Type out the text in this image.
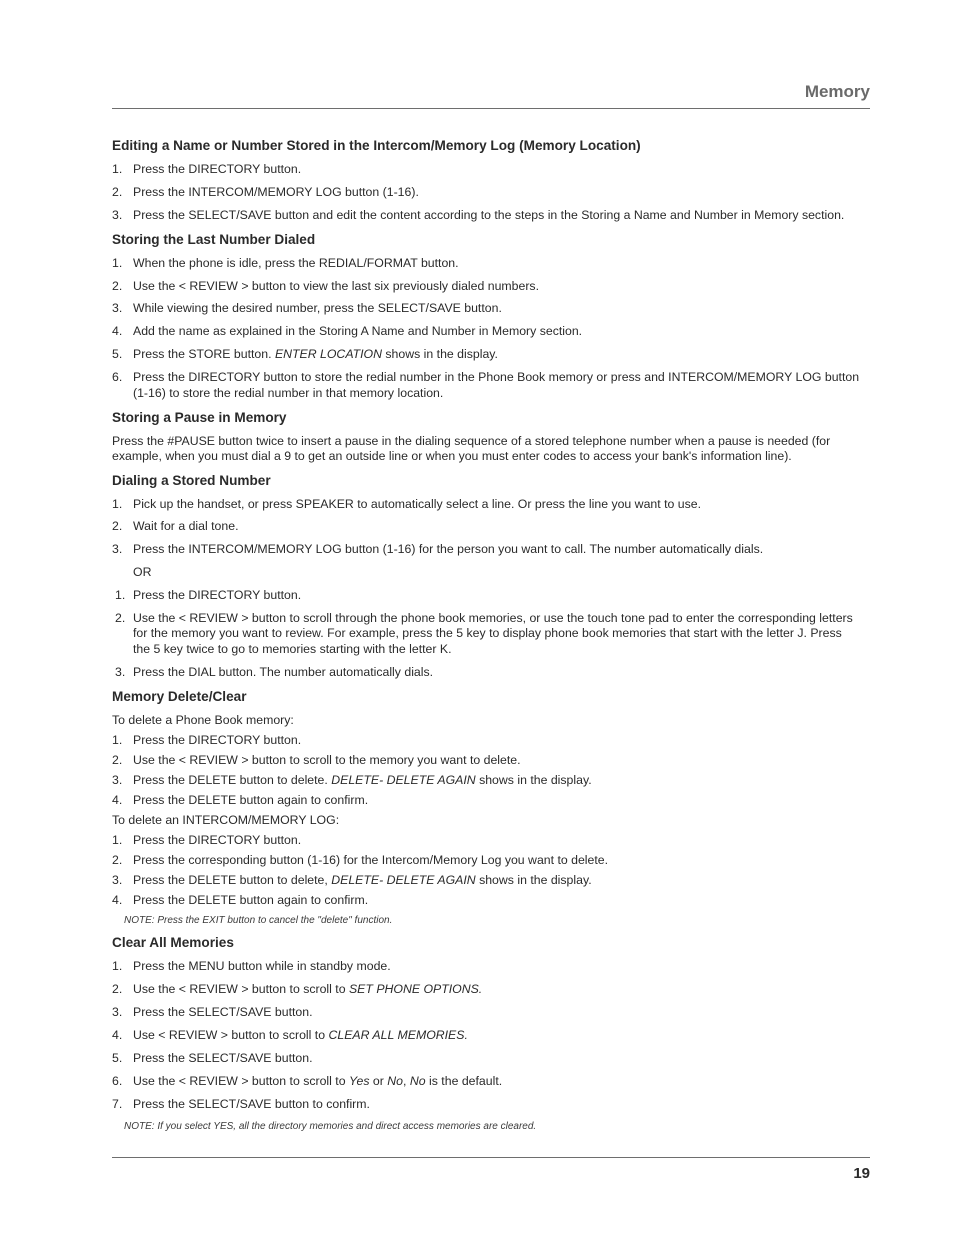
Memory
Editing a Name or Number Stored in the Intercom/Memory Log (Memory Location)
1. Press the DIRECTORY button.
2. Press the INTERCOM/MEMORY LOG button (1-16).
3. Press the SELECT/SAVE button and edit the content according to the steps in the Storing a Name and Number in Memory section.
Storing the Last Number Dialed
1. When the phone is idle, press the REDIAL/FORMAT button.
2. Use the < REVIEW > button to view the last six previously dialed numbers.
3. While viewing the desired number, press the SELECT/SAVE button.
4. Add the name as explained in the Storing A Name and Number in Memory section.
5. Press the STORE button. ENTER LOCATION shows in the display.
6. Press the DIRECTORY button to store the redial number in the Phone Book memory or press and INTERCOM/MEMORY LOG button (1-16) to store the redial number in that memory location.
Storing a Pause in Memory

Press the #PAUSE button twice to insert a pause in the dialing sequence of a stored telephone number when a pause is needed (for example, when you must dial a 9 to get an outside line or when you must enter codes to access your bank's information line).

Dialing a Stored Number
1. Pick up the handset, or press SPEAKER to automatically select a line. Or press the line you want to use.
2. Wait for a dial tone.
3. Press the INTERCOM/MEMORY LOG button (1-16) for the person you want to call. The number automatically dials.

OR

1. Press the DIRECTORY button.
2. Use the < REVIEW > button to scroll through the phone book memories, or use the touch tone pad to enter the corresponding letters for the memory you want to review. For example, press the 5 key to display phone book memories that start with the letter J. Press the 5 key twice to go to memories starting with the letter K.
3. Press the DIAL button. The number automatically dials.
Memory Delete/Clear

To delete a Phone Book memory:

1. Press the DIRECTORY button.
2. Use the < REVIEW > button to scroll to the memory you want to delete.
3. Press the DELETE button to delete. DELETE- DELETE AGAIN shows in the display.
4. Press the DELETE button again to confirm.

To delete an INTERCOM/MEMORY LOG:

1. Press the DIRECTORY button.
2. Press the corresponding button (1-16) for the Intercom/Memory Log you want to delete.
3. Press the DELETE button to delete, DELETE- DELETE AGAIN shows in the display.
4. Press the DELETE button again to confirm.

NOTE: Press the EXIT button to cancel the "delete" function.

Clear All Memories
1. Press the MENU button while in standby mode.
2. Use the < REVIEW > button to scroll to SET PHONE OPTIONS.
3. Press the SELECT/SAVE button.
4. Use < REVIEW > button to scroll to CLEAR ALL MEMORIES.
5. Press the SELECT/SAVE button.
6. Use the < REVIEW > button to scroll to Yes or No, No is the default.
7. Press the SELECT/SAVE button to confirm.

NOTE: If you select YES, all the directory memories and direct access memories are cleared.

19
